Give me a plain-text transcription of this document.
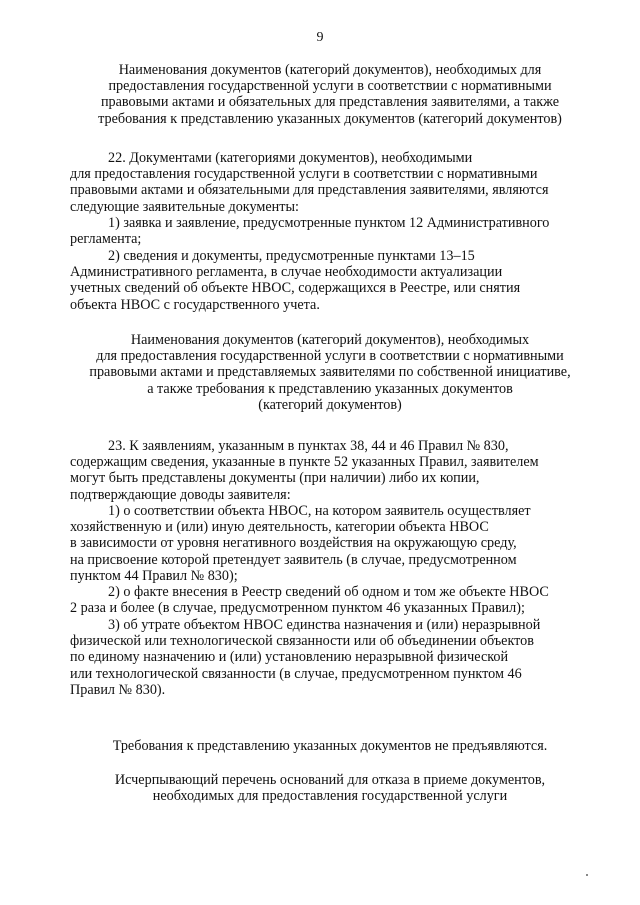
9
Наименования документов (категорий документов), необходимых для
предоставления государственной услуги в соответствии с нормативными
правовыми актами и обязательных для представления заявителями, а также
требования к представлению указанных документов (категорий документов)
22. Документами (категориями документов), необходимыми
для предоставления государственной услуги в соответствии с нормативными
правовыми актами и обязательными для представления заявителями, являются
следующие заявительные документы:
1) заявка и заявление, предусмотренные пунктом 12 Административного
регламента;
2) сведения и документы, предусмотренные пунктами 13–15
Административного регламента, в случае необходимости актуализации
учетных сведений об объекте НВОС, содержащихся в Реестре, или снятия
объекта НВОС с государственного учета.
Наименования документов (категорий документов), необходимых
для предоставления государственной услуги в соответствии с нормативными
правовыми актами и представляемых заявителями по собственной инициативе,
а также требования к представлению указанных документов
(категорий документов)
23. К заявлениям, указанным в пунктах 38, 44 и 46 Правил № 830,
содержащим сведения, указанные в пункте 52 указанных Правил, заявителем
могут быть представлены документы (при наличии) либо их копии,
подтверждающие доводы заявителя:
1) о соответствии объекта НВОС, на котором заявитель осуществляет
хозяйственную и (или) иную деятельность, категории объекта НВОС
в зависимости от уровня негативного воздействия на окружающую среду,
на присвоение которой претендует заявитель (в случае, предусмотренном
пунктом 44 Правил № 830);
2) о факте внесения в Реестр сведений об одном и том же объекте НВОС
2 раза и более (в случае, предусмотренном пунктом 46 указанных Правил);
3) об утрате объектом НВОС единства назначения и (или) неразрывной
физической или технологической связанности или об объединении объектов
по единому назначению и (или) установлению неразрывной физической
или технологической связанности (в случае, предусмотренном пунктом 46
Правил № 830).
Требования к представлению указанных документов не предъявляются.
Исчерпывающий перечень оснований для отказа в приеме документов,
необходимых для предоставления государственной услуги
